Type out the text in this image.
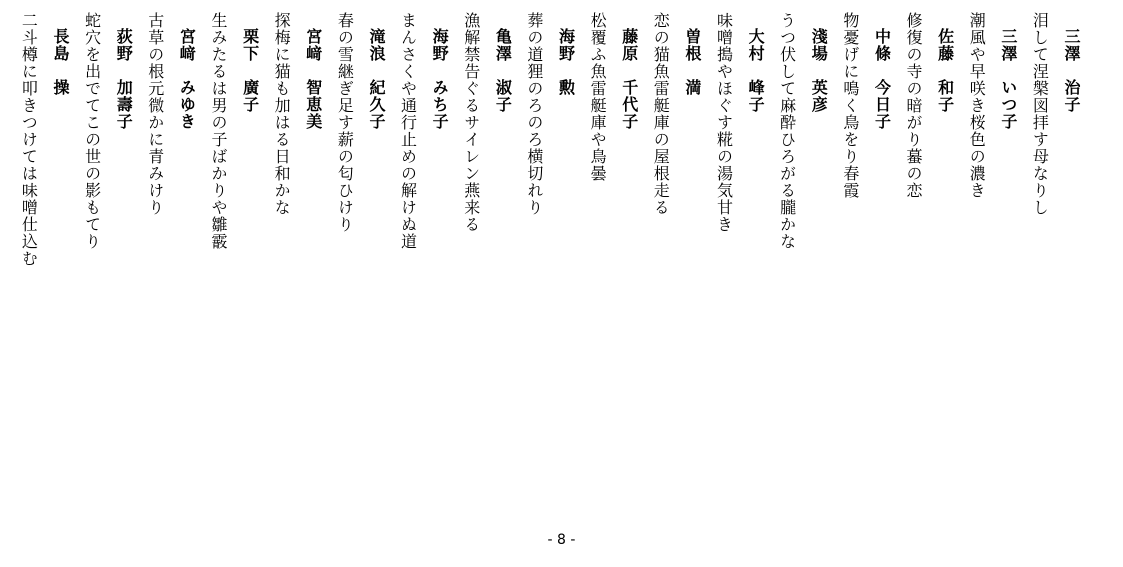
三澤治子
泪して涅槃図拝す母なりし
三澤いつ子
潮風や早咲き桜色の濃き
佐藤和子
修復の寺の暗がり蟇の恋
中條今日子
物憂げに鳴く鳥をり春霞
淺場英彦
うつ伏して麻酔ひろがる朧かな
大村峰子
味噌搗やほぐす糀の湯気甘き
曽根満
恋の猫魚雷艇庫の屋根走る
藤原千代子
松覆ふ魚雷艇庫や鳥曇
海野勲
葬の道狸のろのろ横切れり
亀澤淑子
漁解禁告ぐるサイレン燕来る
海野みち子
まんさくや通行止めの解けぬ道
滝浪紀久子
春の雪継ぎ足す薪の匂ひけり
宮﨑智恵美
探梅に猫も加はる日和かな
栗下廣子
生みたるは男の子ばかりや雛霰
宮﨑みゆき
古草の根元微かに青みけり
荻野加壽子
蛇穴を出でてこの世の影もてり
長島操
二斗樽に叩きつけては味噌仕込む
- 8 -
